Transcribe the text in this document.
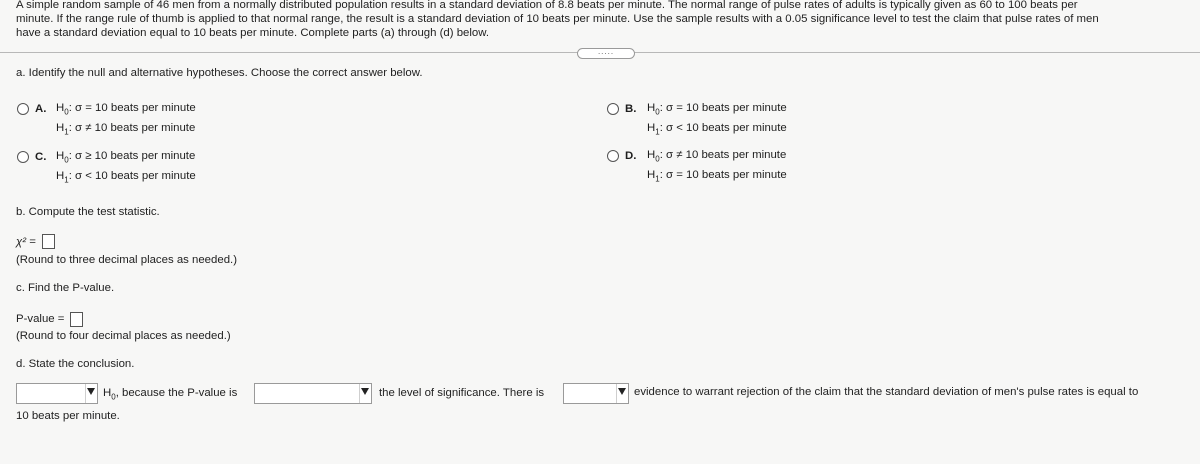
A simple random sample of 46 men from a normally distributed population results in a standard deviation of 8.8 beats per minute. The normal range of pulse rates of adults is typically given as 60 to 100 beats per
minute. If the range rule of thumb is applied to that normal range, the result is a standard deviation of 10 beats per minute. Use the sample results with a 0.05 significance level to test the claim that pulse rates of men
have a standard deviation equal to 10 beats per minute. Complete parts (a) through (d) below.
.....
a. Identify the null and alternative hypotheses. Choose the correct answer below.
A. $H_0$: σ = 10 beats per minute
$H_1$: σ ≠ 10 beats per minute
B. $H_0$: σ = 10 beats per minute
$H_1$: σ < 10 beats per minute
C. $H_0$: σ ≥ 10 beats per minute
$H_1$: σ < 10 beats per minute
D. $H_0$: σ ≠ 10 beats per minute
$H_1$: σ = 10 beats per minute
b. Compute the test statistic.
χ² =
(Round to three decimal places as needed.)
c. Find the P-value.
P-value =
(Round to four decimal places as needed.)
d. State the conclusion.
$H_0$, because the P-value is	the level of significance. There is	evidence to warrant rejection of the claim that the standard deviation of men's pulse rates is equal to
10 beats per minute.
